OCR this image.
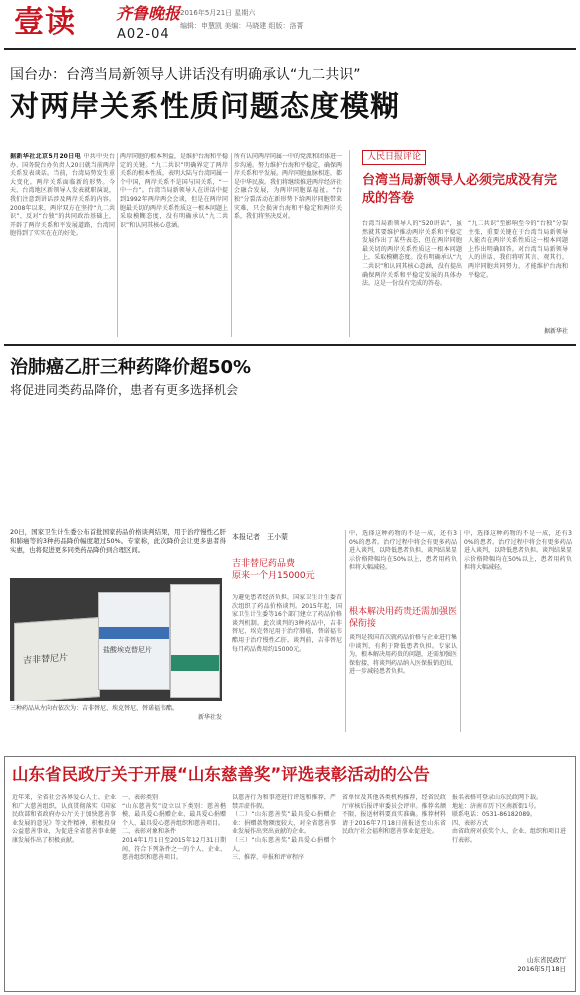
壹读	齐鲁晚报 2016年5月21日 星期六
A02-04
编辑：申慧凯 美编：马晓建 组版：洛菁
国台办：台湾当局新领导人讲话没有明确承认“九二共识”
对两岸关系性质问题态度模糊
据新华社北京5月20日电 中共中央台办、国务院台办负责人20日就当前两岸关系发表谈话。当前，台湾局势发生重大变化。两岸关系面临新的形势。今天，台湾地区新领导人发表就职演说，我们注意到讲话涉及两岸关系的内容。2008年以来，两岸双方在坚持“九二共识”、反对“台独”的共同政治基础上，开辟了两岸关系和平发展道路，台湾同胞得到了实实在在的好处。
两岸同胞的根本利益，是维护台海和平稳定的关键。“九二共识”明确界定了两岸关系的根本性质，表明大陆与台湾同属一个中国，两岸关系不是国与国关系，“一中一台”。台湾当局新领导人在讲话中提到1992年两岸两会会谈，但是在两岸同胞最关切的两岸关系性质这一根本问题上采取模糊态度，没有明确承认“九二共识”和认同其核心意涵。
所有认同两岸同属一中的党派和团体进一步沟通。努力维护台海和平稳定，确保两岸关系和平发展。两岸同胞血脉相连，都是中华民族。我们将继续推进两岸经济社会融合发展，为两岸同胞谋福祉。“台独”分裂活动在新形势下给两岸同胞带来灾难，只会损害台海和平稳定和两岸关系，我们将坚决反对。
人民日报评论
台湾当局新领导人必须完成没有完成的答卷
台湾当局新领导人的“520讲话”，虽然就其要维护推动两岸关系和平稳定发展作出了某些表态，但在两岸同胞最关切的两岸关系性质这一根本问题上，采取模糊态度。没有明确承认“九二共识”和认同其核心意涵，没有提出确保两岸关系和平稳定发展的具体办法。这是一份没有完成的答卷。
“九二共识”至影响至今的“台独”分裂主张，重要关键在于台湾当局新领导人能否在两岸关系性质这一根本问题上作出明确回答。对台湾当局新领导人的讲话，我们将听其言、观其行。两岸同胞共同努力，才能维护台海和平稳定。
据新华社
治肺癌乙肝三种药降价超50%
将促进同类药品降价，患者有更多选择机会
20日，国家卫生计生委公布首批国家药品价格谈判结果，用于治疗慢性乙肝和肺癌等的3种药品降价幅度超过50%。专家称，此次降价会让更多患者得实惠，也将促进更多同类药品降价到合理区间。
吉非替尼片
盐酸埃克替尼片
三种药品从左向右依次为：吉非替尼、埃克替尼、替诺福韦酯。
新华社发
本报记者　王小蒙
吉非替尼药品费
原来一个月15000元
为避免患者经济负担，国家卫生计生委首次组织了药品价格谈判。2015年起，国家卫生计生委等16个部门建立了药品价格谈判机制。此次谈判的3种药品中，吉非替尼、埃克替尼用于治疗肺癌，替诺福韦酯用于治疗慢性乙肝。谈判前，吉非替尼每月药品费用约15000元。
中，选择这种药物的不是一成，还有30%的患者。治疗过程中将会有更多药品进入谈判，以降低患者负担。谈判结果显示价格降幅均在50%以上，患者用药负担将大幅减轻。
根本解决用药贵还需加强医保衔接
谈判是我国首次就药品价格与企业进行集中谈判，有利于降低患者负担。专家认为，根本解决用药贵的问题，还需加强医保衔接，将谈判药品纳入医保报销范围，进一步减轻患者负担。
中，选择这种药物的不是一成，还有30%的患者。治疗过程中将会有更多药品进入谈判，以降低患者负担。谈判结果显示价格降幅均在50%以上，患者用药负担将大幅减轻。
山东省民政厅关于开展“山东慈善奖”评选表彰活动的公告
近年来，全省社会各界爱心人士、企业和广大慈善组织，认真贯彻落实《国家民政部和省政府办公厅关于加快慈善事业发展的意见》等文件精神，积极投身公益慈善事业，为促进全省慈善事业健康发展作出了积极贡献。
一、表彰类别
“山东慈善奖”设立以下类别：慈善楷模、最具爱心捐赠企业、最具爱心捐赠个人、最具爱心慈善组织和慈善项目。
二、表彰对象和条件
2014年1月1日至2015年12月31日期间，符合下列条件之一的个人、企业、慈善组织和慈善项目。
以慈善行为和事迹进行评选和推荐，严禁弄虚作假。
（二）“山东慈善奖”最具爱心捐赠企业：捐赠款物额度较大，对全省慈善事业发展作出突出贡献的企业。
（三）“山东慈善奖”最具爱心捐赠个人。
三、推荐、申报和评审程序
省单位及其他各类机构推荐，经省民政厅审核后报评审委员会评审。推荐名额不限，报送材料要真实准确。推荐材料请于2016年7月18日前报送至山东省民政厅社会福利和慈善事业促进处。
报名表格可登录山东民政网下载。
地址：济南市历下区南新街1号。
联系电话：0531-86182089。
四、表彰方式
由省政府对获奖个人、企业、组织和项目进行表彰。
山东省民政厅
2016年5月18日
